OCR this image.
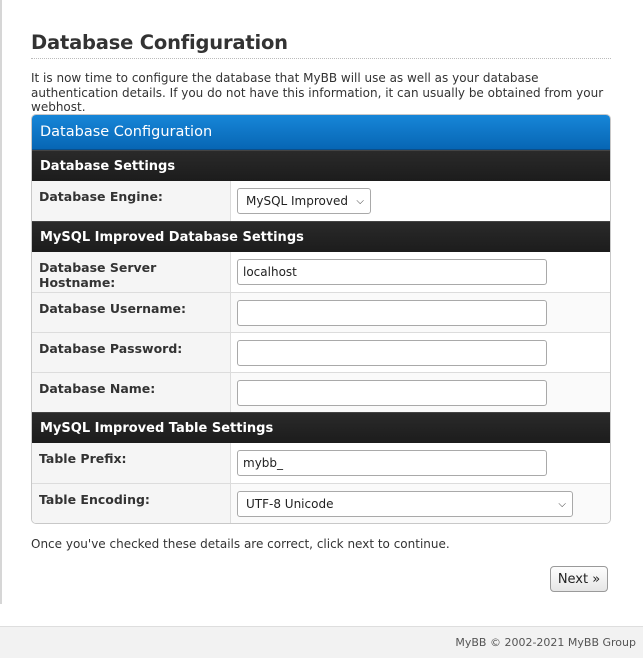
Database Configuration

It is now time to configure the database that MyBB will use as well as your database authentication details. If you do not have this information, it can usually be obtained from your webhost.

Database Configuration
Database Settings
Database Engine:	MySQL Improved ⌵
MySQL Improved Database Settings
Database Server Hostname:
localhost
Database Username:
Database Password:
Database Name:
MySQL Improved Table Settings
Table Prefix:
mybb_
Table Encoding:	UTF-8 Unicode	⌵
Once you've checked these details are correct, click next to continue.
Next »
MyBB © 2002-2021 MyBB Group
